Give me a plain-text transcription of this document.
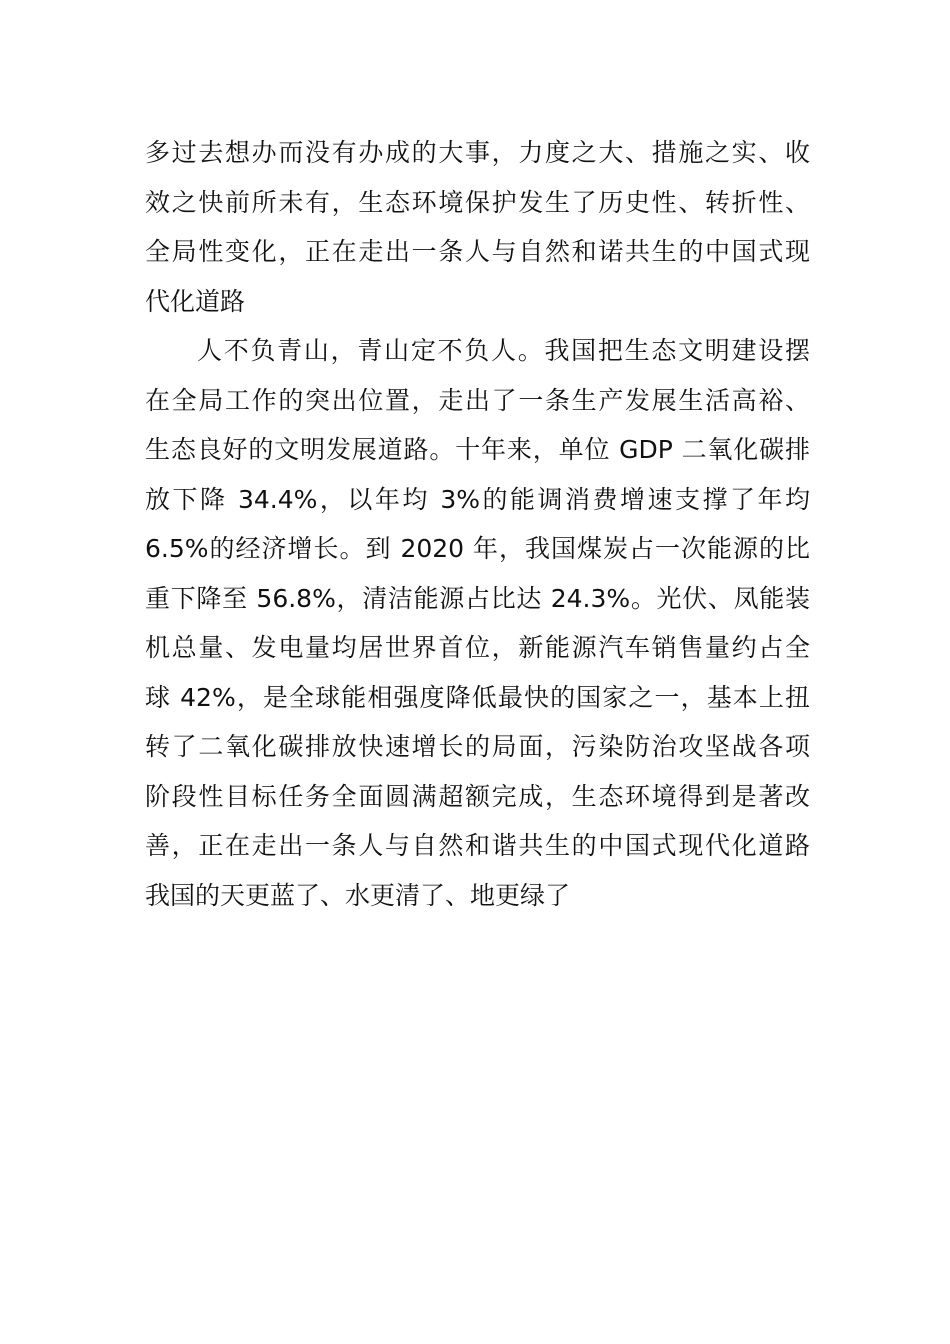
多过去想办而没有办成的大事，力度之大、措施之实、收
效之快前所未有，生态环境保护发生了历史性、转折性、
全局性变化，正在走出一条人与自然和诺共生的中国式现
代化道路
人不负青山，青山定不负人。我国把生态文明建设摆
在全局工作的突出位置，走出了一条生产发展生活高裕、
生态良好的文明发展道路。十年来，单位 GDP 二氧化碳排
放下降 34.4%，以年均 3%的能调消费增速支撑了年均
6.5%的经济增长。到 2020 年，我国煤炭占一次能源的比
重下降至 56.8%，清洁能源占比达 24.3%。光伏、凤能装
机总量、发电量均居世界首位，新能源汽车销售量约占全
球 42%，是全球能相强度降低最快的国家之一，基本上扭
转了二氧化碳排放快速增长的局面，污染防治攻坚战各项
阶段性目标任务全面圆满超额完成，生态环境得到是著改
善，正在走出一条人与自然和谐共生的中国式现代化道路
我国的天更蓝了、水更清了、地更绿了
